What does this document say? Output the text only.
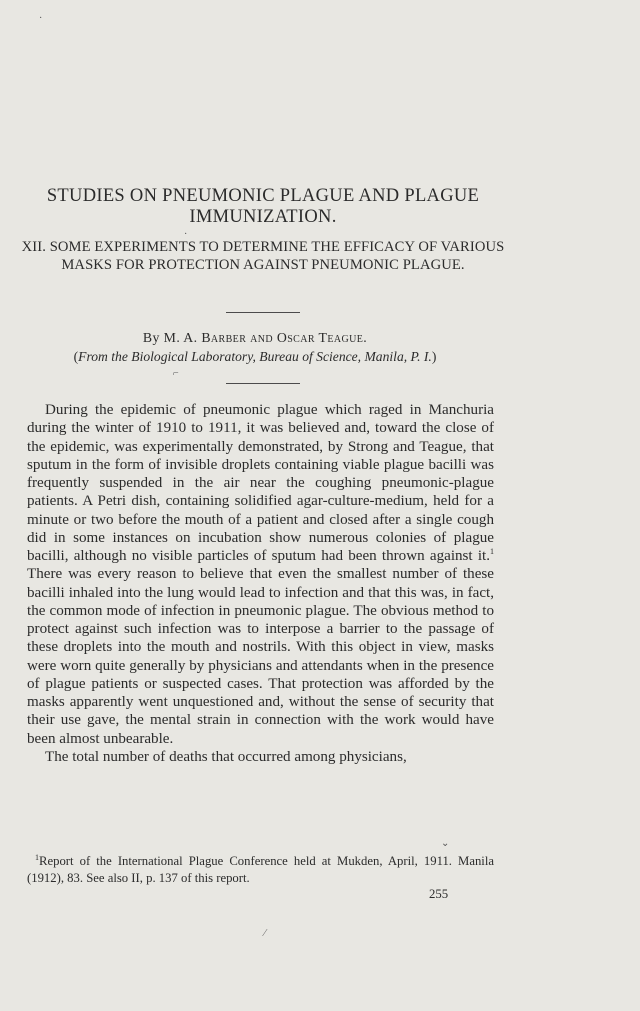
·
·
⌐
⌄
⁄
STUDIES ON PNEUMONIC PLAGUE AND PLAGUE IMMUNIZATION.
XII. SOME EXPERIMENTS TO DETERMINE THE EFFICACY OF VARIOUS MASKS FOR PROTECTION AGAINST PNEUMONIC PLAGUE.
By M. A. Barber and Oscar Teague.
(From the Biological Laboratory, Bureau of Science, Manila, P. I.)

During the epidemic of pneumonic plague which raged in Manchuria during the winter of 1910 to 1911, it was believed and, toward the close of the epidemic, was experimentally demonstrated, by Strong and Teague, that sputum in the form of invisible droplets containing viable plague bacilli was frequently suspended in the air near the coughing pneumonic-plague patients. A Petri dish, containing solidified agar-culture-medium, held for a minute or two before the mouth of a patient and closed after a single cough did in some instances on incubation show numerous colonies of plague bacilli, although no visible particles of sputum had been thrown against it.$^1$ There was every reason to believe that even the smallest number of these bacilli inhaled into the lung would lead to infection and that this was, in fact, the common mode of infection in pneumonic plague. The obvious method to protect against such infection was to interpose a barrier to the passage of these droplets into the mouth and nostrils. With this object in view, masks were worn quite generally by physicians and attendants when in the presence of plague patients or suspected cases. That protection was afforded by the masks apparently went unquestioned and, without the sense of security that their use gave, the mental strain in connection with the work would have been almost unbearable.

The total number of deaths that occurred among physicians,

$^1$Report of the International Plague Conference held at Mukden, April, 1911. Manila (1912), 83. See also II, p. 137 of this report.
255
